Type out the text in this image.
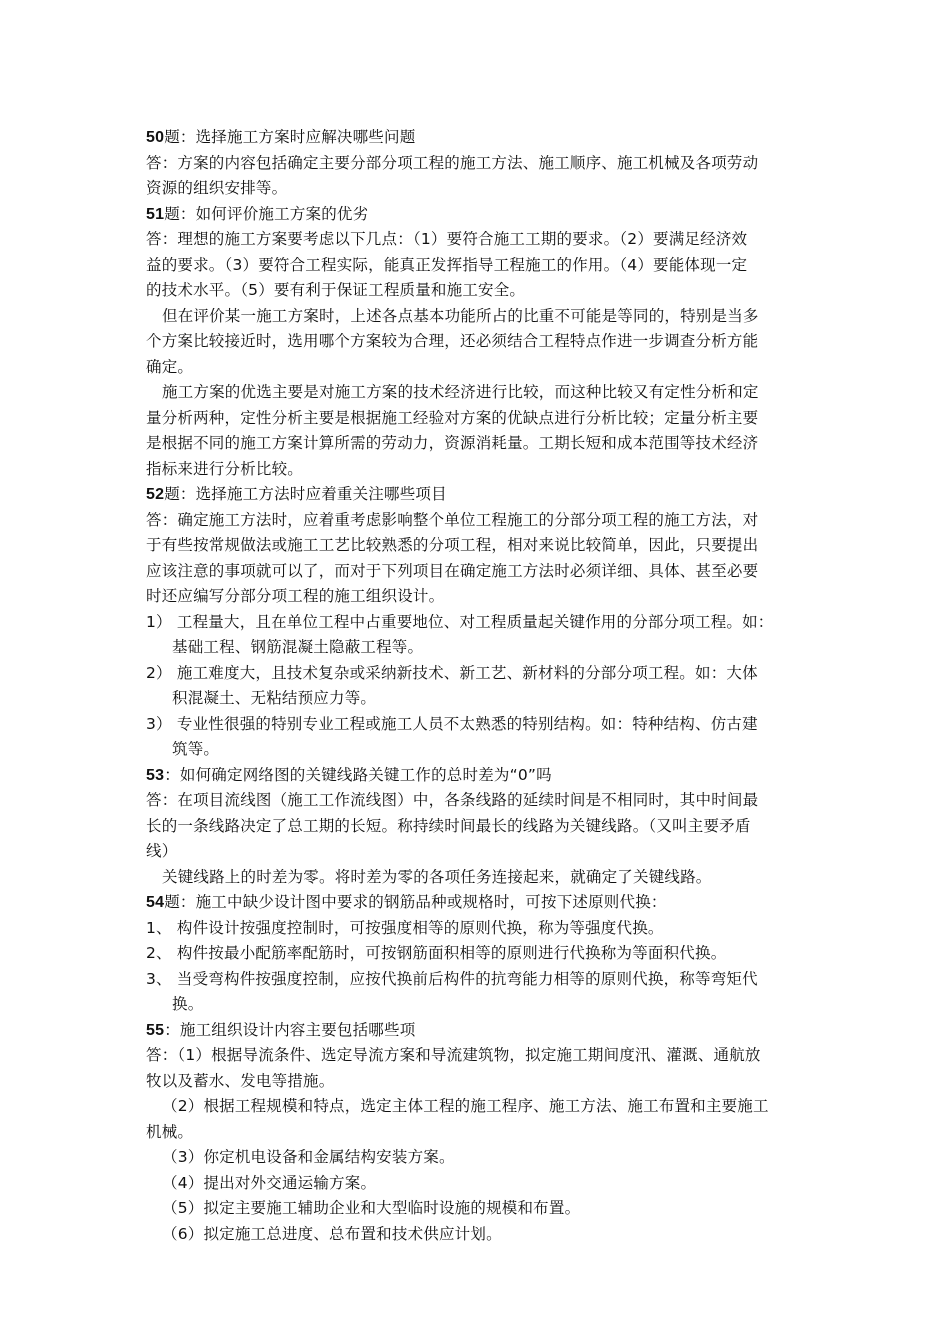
50题：选择施工方案时应解决哪些问题
答：方案的内容包括确定主要分部分项工程的施工方法、施工顺序、施工机械及各项劳动
资源的组织安排等。
51题：如何评价施工方案的优劣
答：理想的施工方案要考虑以下几点：（1）要符合施工工期的要求。（2）要满足经济效
益的要求。（3）要符合工程实际，能真正发挥指导工程施工的作用。（4）要能体现一定
的技术水平。（5）要有利于保证工程质量和施工安全。
但在评价某一施工方案时，上述各点基本功能所占的比重不可能是等同的，特别是当多
个方案比较接近时，选用哪个方案较为合理，还必须结合工程特点作进一步调查分析方能
确定。
施工方案的优选主要是对施工方案的技术经济进行比较，而这种比较又有定性分析和定
量分析两种，定性分析主要是根据施工经验对方案的优缺点进行分析比较；定量分析主要
是根据不同的施工方案计算所需的劳动力，资源消耗量。工期长短和成本范围等技术经济
指标来进行分析比较。
52题：选择施工方法时应着重关注哪些项目
答：确定施工方法时，应着重考虑影响整个单位工程施工的分部分项工程的施工方法，对
于有些按常规做法或施工工艺比较熟悉的分项工程，相对来说比较简单，因此，只要提出
应该注意的事项就可以了，而对于下列项目在确定施工方法时必须详细、具体、甚至必要
时还应编写分部分项工程的施工组织设计。
1） 工程量大，且在单位工程中占重要地位、对工程质量起关键作用的分部分项工程。如：
基础工程、钢筋混凝土隐蔽工程等。
2） 施工难度大，且技术复杂或采纳新技术、新工艺、新材料的分部分项工程。如：大体
积混凝土、无粘结预应力等。
3） 专业性很强的特别专业工程或施工人员不太熟悉的特别结构。如：特种结构、仿古建
筑等。
53：如何确定网络图的关键线路关键工作的总时差为“0”吗
答：在项目流线图（施工工作流线图）中，各条线路的延续时间是不相同时，其中时间最
长的一条线路决定了总工期的长短。称持续时间最长的线路为关键线路。（又叫主要矛盾
线）
关键线路上的时差为零。将时差为零的各项任务连接起来，就确定了关键线路。
54题：施工中缺少设计图中要求的钢筋品种或规格时，可按下述原则代换：
1、 构件设计按强度控制时，可按强度相等的原则代换，称为等强度代换。
2、 构件按最小配筋率配筋时，可按钢筋面积相等的原则进行代换称为等面积代换。
3、 当受弯构件按强度控制，应按代换前后构件的抗弯能力相等的原则代换，称等弯矩代
换。
55：施工组织设计内容主要包括哪些项
答：（1）根据导流条件、选定导流方案和导流建筑物，拟定施工期间度汛、灌溉、通航放
牧以及蓄水、发电等措施。
（2）根据工程规模和特点，选定主体工程的施工程序、施工方法、施工布置和主要施工
机械。
（3）你定机电设备和金属结构安装方案。
（4）提出对外交通运输方案。
（5）拟定主要施工辅助企业和大型临时设施的规模和布置。
（6）拟定施工总进度、总布置和技术供应计划。
